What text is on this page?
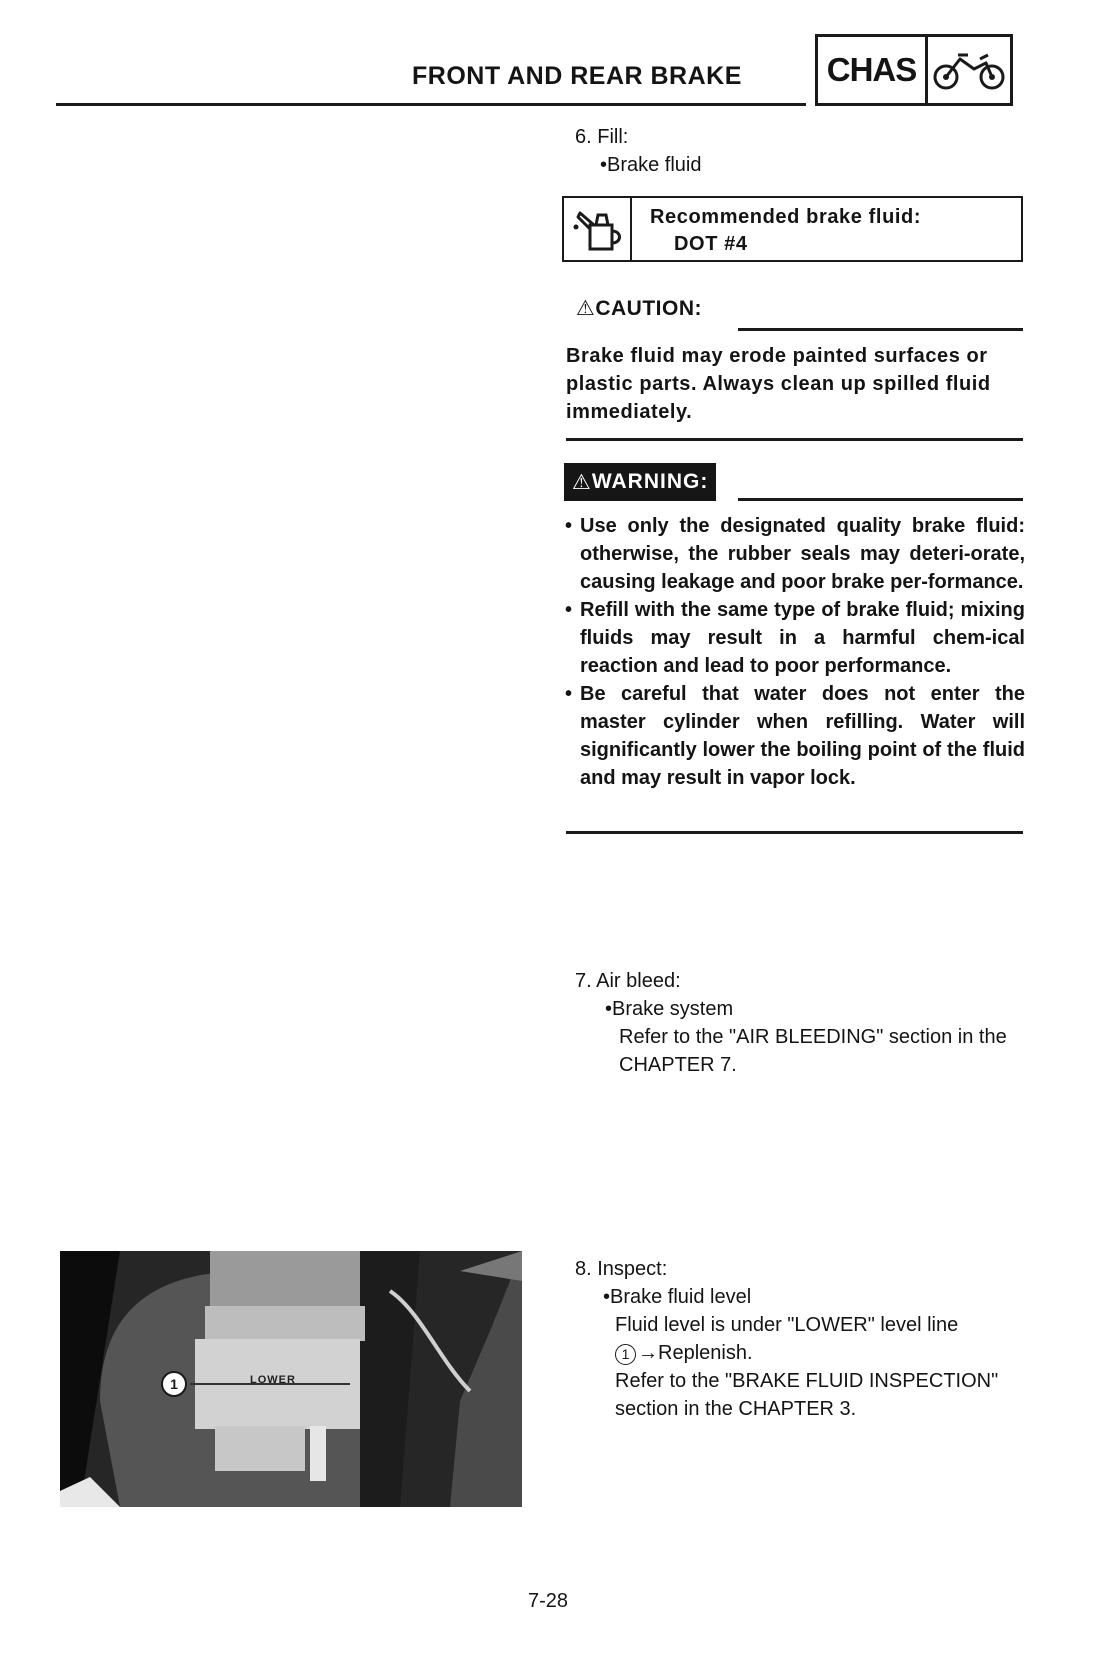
FRONT AND REAR BRAKE	CHAS
6. Fill:
•Brake fluid
Recommended brake fluid:
DOT #4
⚠CAUTION:
Brake fluid may erode painted surfaces or
plastic parts. Always clean up spilled fluid
immediately.
⚠ WARNING:
• Use only the designated quality brake fluid: otherwise, the rubber seals may deteri-orate, causing leakage and poor brake per-formance.
• Refill with the same type of brake fluid; mixing fluids may result in a harmful chem-ical reaction and lead to poor performance.
• Be careful that water does not enter the master cylinder when refilling. Water will significantly lower the boiling point of the fluid and may result in vapor lock.
7. Air bleed:
•Brake system
Refer to the "AIR BLEEDING" section in the
CHAPTER 7.
1	LOWER
8. Inspect:
•Brake fluid level
Fluid level is under "LOWER" level line
1 →Replenish.
Refer to the "BRAKE FLUID INSPECTION"
section in the CHAPTER 3.
7-28
